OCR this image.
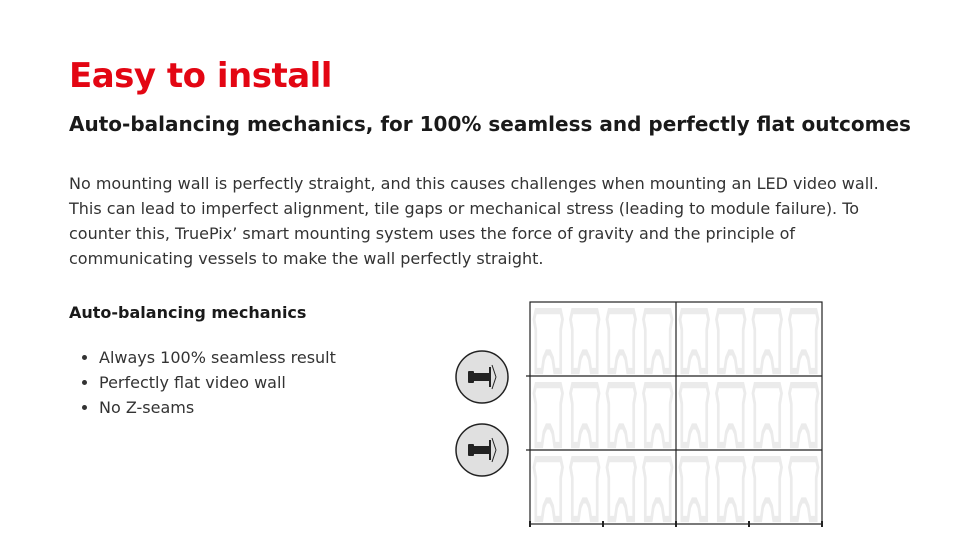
Easy to install
Auto-balancing mechanics, for 100% seamless and perfectly flat outcomes

No mounting wall is perfectly straight, and this causes challenges when mounting an LED video wall. This can lead to imperfect alignment, tile gaps or mechanical stress (leading to module failure). To counter this, TruePix’ smart mounting system uses the force of gravity and the principle of communicating vessels to make the wall perfectly straight.

Auto-balancing mechanics
• Always 100% seamless result
• Perfectly flat video wall
• No Z-seams
